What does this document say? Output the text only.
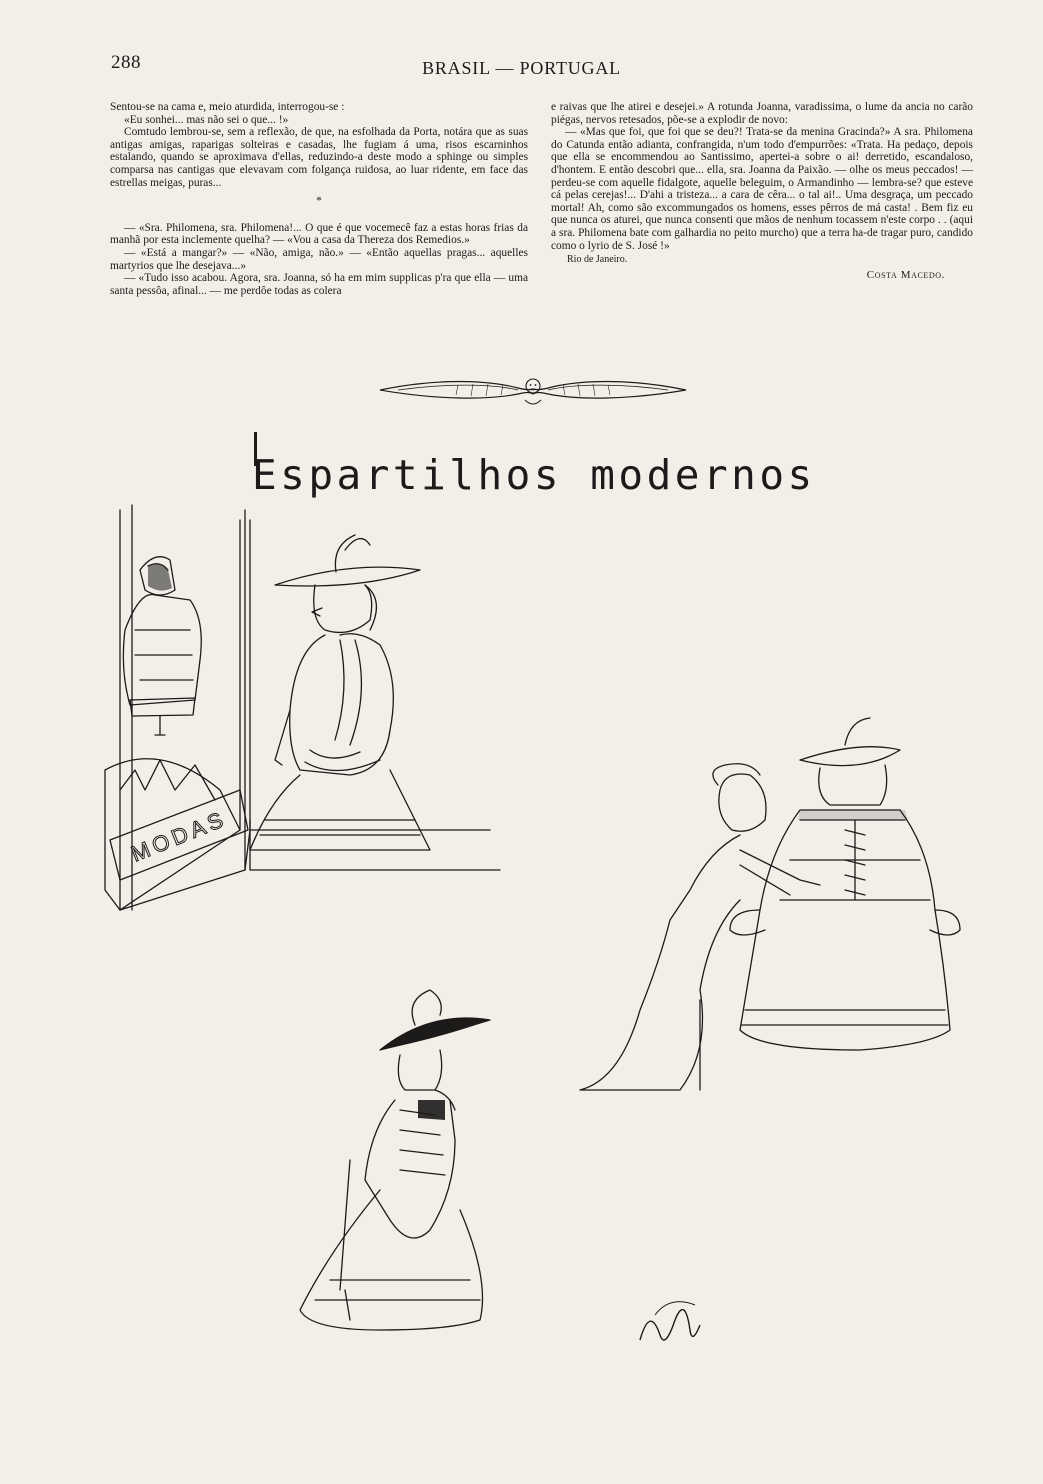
288	BRASIL — PORTUGAL

Sentou-se na cama e, meio aturdida, interrogou-se :

«Eu sonhei... mas não sei o que... !»

Comtudo lembrou-se, sem a reflexão, de que, na esfolhada da Porta, notára que as suas antigas amigas, raparigas solteiras e casadas, lhe fugiam á uma, risos escarninhos estalando, quando se aproximava d'ellas, reduzindo-a deste modo a sphinge ou simples comparsa nas cantigas que elevavam com folgança ruidosa, ao luar ridente, em face das estrellas meigas, puras...

*

— «Sra. Philomena, sra. Philomena!... O que é que vocemecê faz a estas horas frias da manhã por esta inclemente quelha? — «Vou a casa da Thereza dos Remedios.»

— «Está a mangar?» — «Não, amiga, não.» — «Então aquellas pragas... aquelles martyrios que lhe desejava...»

— «Tudo isso acabou. Agora, sra. Joanna, só ha em mim supplicas p'ra que ella — uma santa pessôa, afinal... — me perdôe todas as colera

e raivas que lhe atirei e desejei.» A rotunda Joanna, varadissima, o lume da ancia no carão piégas, nervos retesados, põe-se a explodir de novo:

— «Mas que foi, que foi que se deu?! Trata-se da menina Gracinda?» A sra. Philomena do Catunda então adianta, confrangida, n'um todo d'empurrões: «Trata. Ha pedaço, depois que ella se encommendou ao Santissimo, apertei-a sobre o ai! derretido, escandaloso, d'hontem. E então descobri que... ella, sra. Joanna da Paixão. — olhe os meus peccados! — perdeu-se com aquelle fidalgote, aquelle beleguim, o Armandinho — lembra-se? que esteve cá pelas cerejas!... D'ahi a tristeza... a cara de cêra... o tal ai!.. Uma desgraça, um peccado mortal! Ah, como são excommungados os homens, esses pêrros de má casta! . Bem fiz eu que nunca os aturei, que nunca consenti que mãos de nenhum tocassem n'este corpo . . (aqui a sra. Philomena bate com galhardia no peito murcho) que a terra ha-de tragar puro, candido como o lyrio de S. José !»

Rio de Janeiro.

Costa Macedo.

Espartilhos modernos
MODAS
